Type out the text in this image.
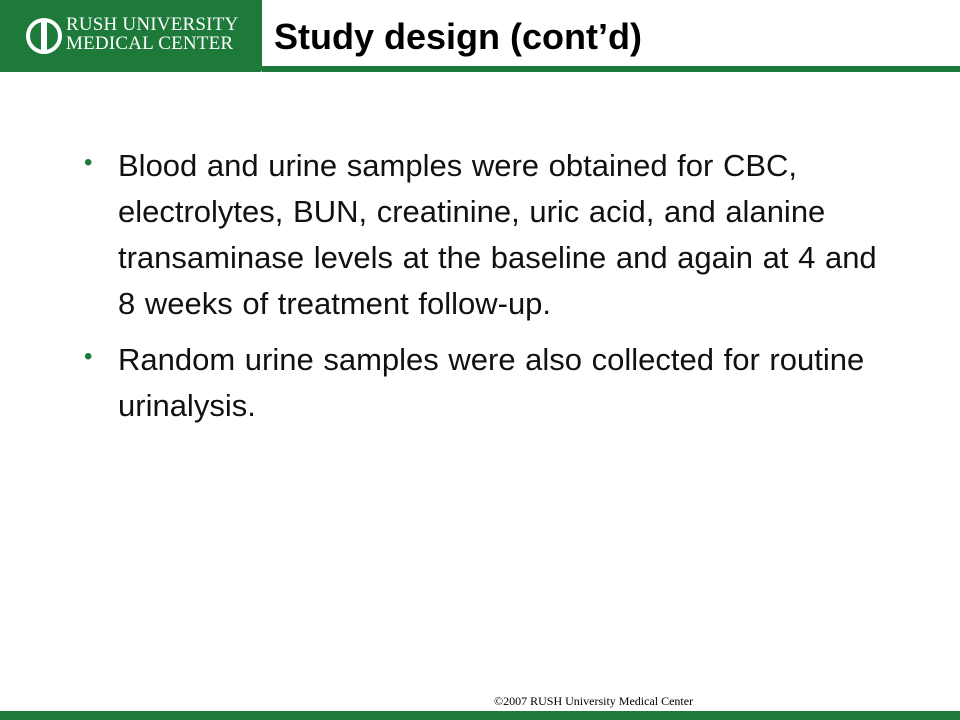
RUSH UNIVERSITY
MEDICAL CENTER Study design (cont’d)
• Blood and urine samples were obtained for CBC, electrolytes, BUN, creatinine, uric acid, and alanine transaminase levels at the baseline and again at 4 and 8 weeks of treatment follow-up.
• Random urine samples were also collected for routine urinalysis.
©2007 RUSH University Medical Center
